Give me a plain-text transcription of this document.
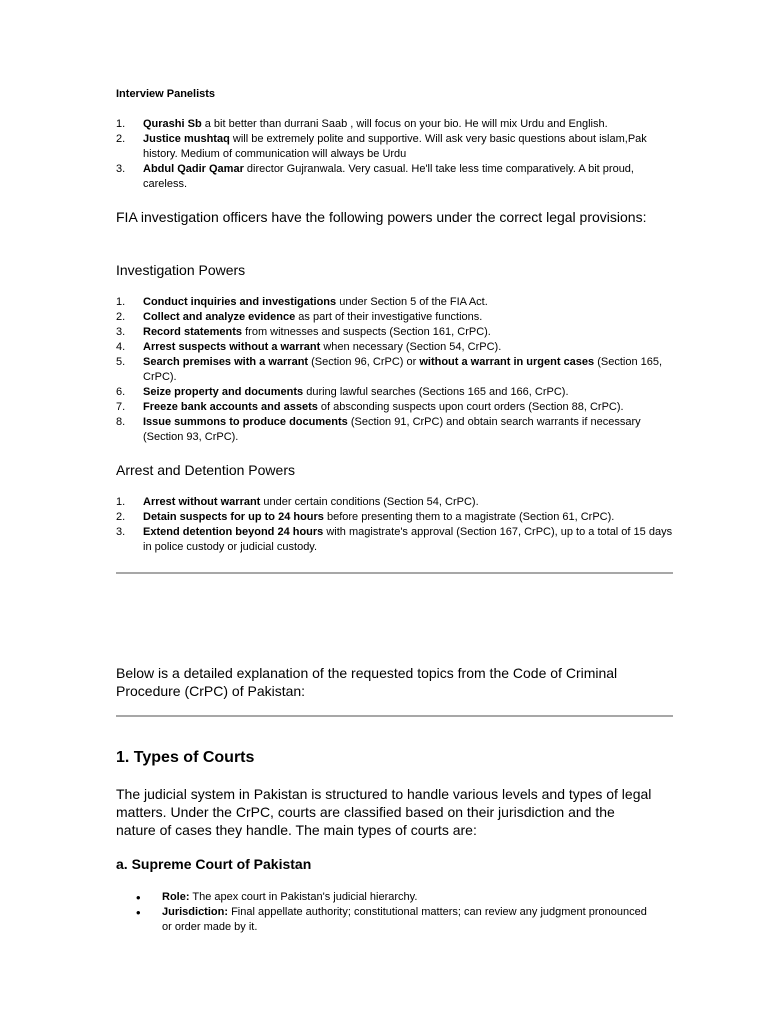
Interview Panelists
1.	Qurashi Sb a bit better than durrani Saab , will focus on your bio. He will mix Urdu and English.
2.	Justice mushtaq will be extremely polite and supportive. Will ask very basic questions about islam,Pak history. Medium of communication will always be Urdu
3.	Abdul Qadir Qamar director Gujranwala. Very casual. He'll take less time comparatively. A bit proud, careless.

FIA investigation officers have the following powers under the correct legal provisions:

Investigation Powers
1.	Conduct inquiries and investigations under Section 5 of the FIA Act.
2.	Collect and analyze evidence as part of their investigative functions.
3.	Record statements from witnesses and suspects (Section 161, CrPC).
4.	Arrest suspects without a warrant when necessary (Section 54, CrPC).
5.	Search premises with a warrant (Section 96, CrPC) or without a warrant in urgent cases (Section 165, CrPC).
6.	Seize property and documents during lawful searches (Sections 165 and 166, CrPC).
7.	Freeze bank accounts and assets of absconding suspects upon court orders (Section 88, CrPC).
8.	Issue summons to produce documents (Section 91, CrPC) and obtain search warrants if necessary (Section 93, CrPC).
Arrest and Detention Powers
1.	Arrest without warrant under certain conditions (Section 54, CrPC).
2.	Detain suspects for up to 24 hours before presenting them to a magistrate (Section 61, CrPC).
3.	Extend detention beyond 24 hours with magistrate's approval (Section 167, CrPC), up to a total of 15 days in police custody or judicial custody.

Below is a detailed explanation of the requested topics from the Code of Criminal Procedure (CrPC) of Pakistan:

1. Types of Courts

The judicial system in Pakistan is structured to handle various levels and types of legal matters. Under the CrPC, courts are classified based on their jurisdiction and the nature of cases they handle. The main types of courts are:

a. Supreme Court of Pakistan
•	Role: The apex court in Pakistan's judicial hierarchy.
•	Jurisdiction: Final appellate authority; constitutional matters; can review any judgment pronounced or order made by it.
